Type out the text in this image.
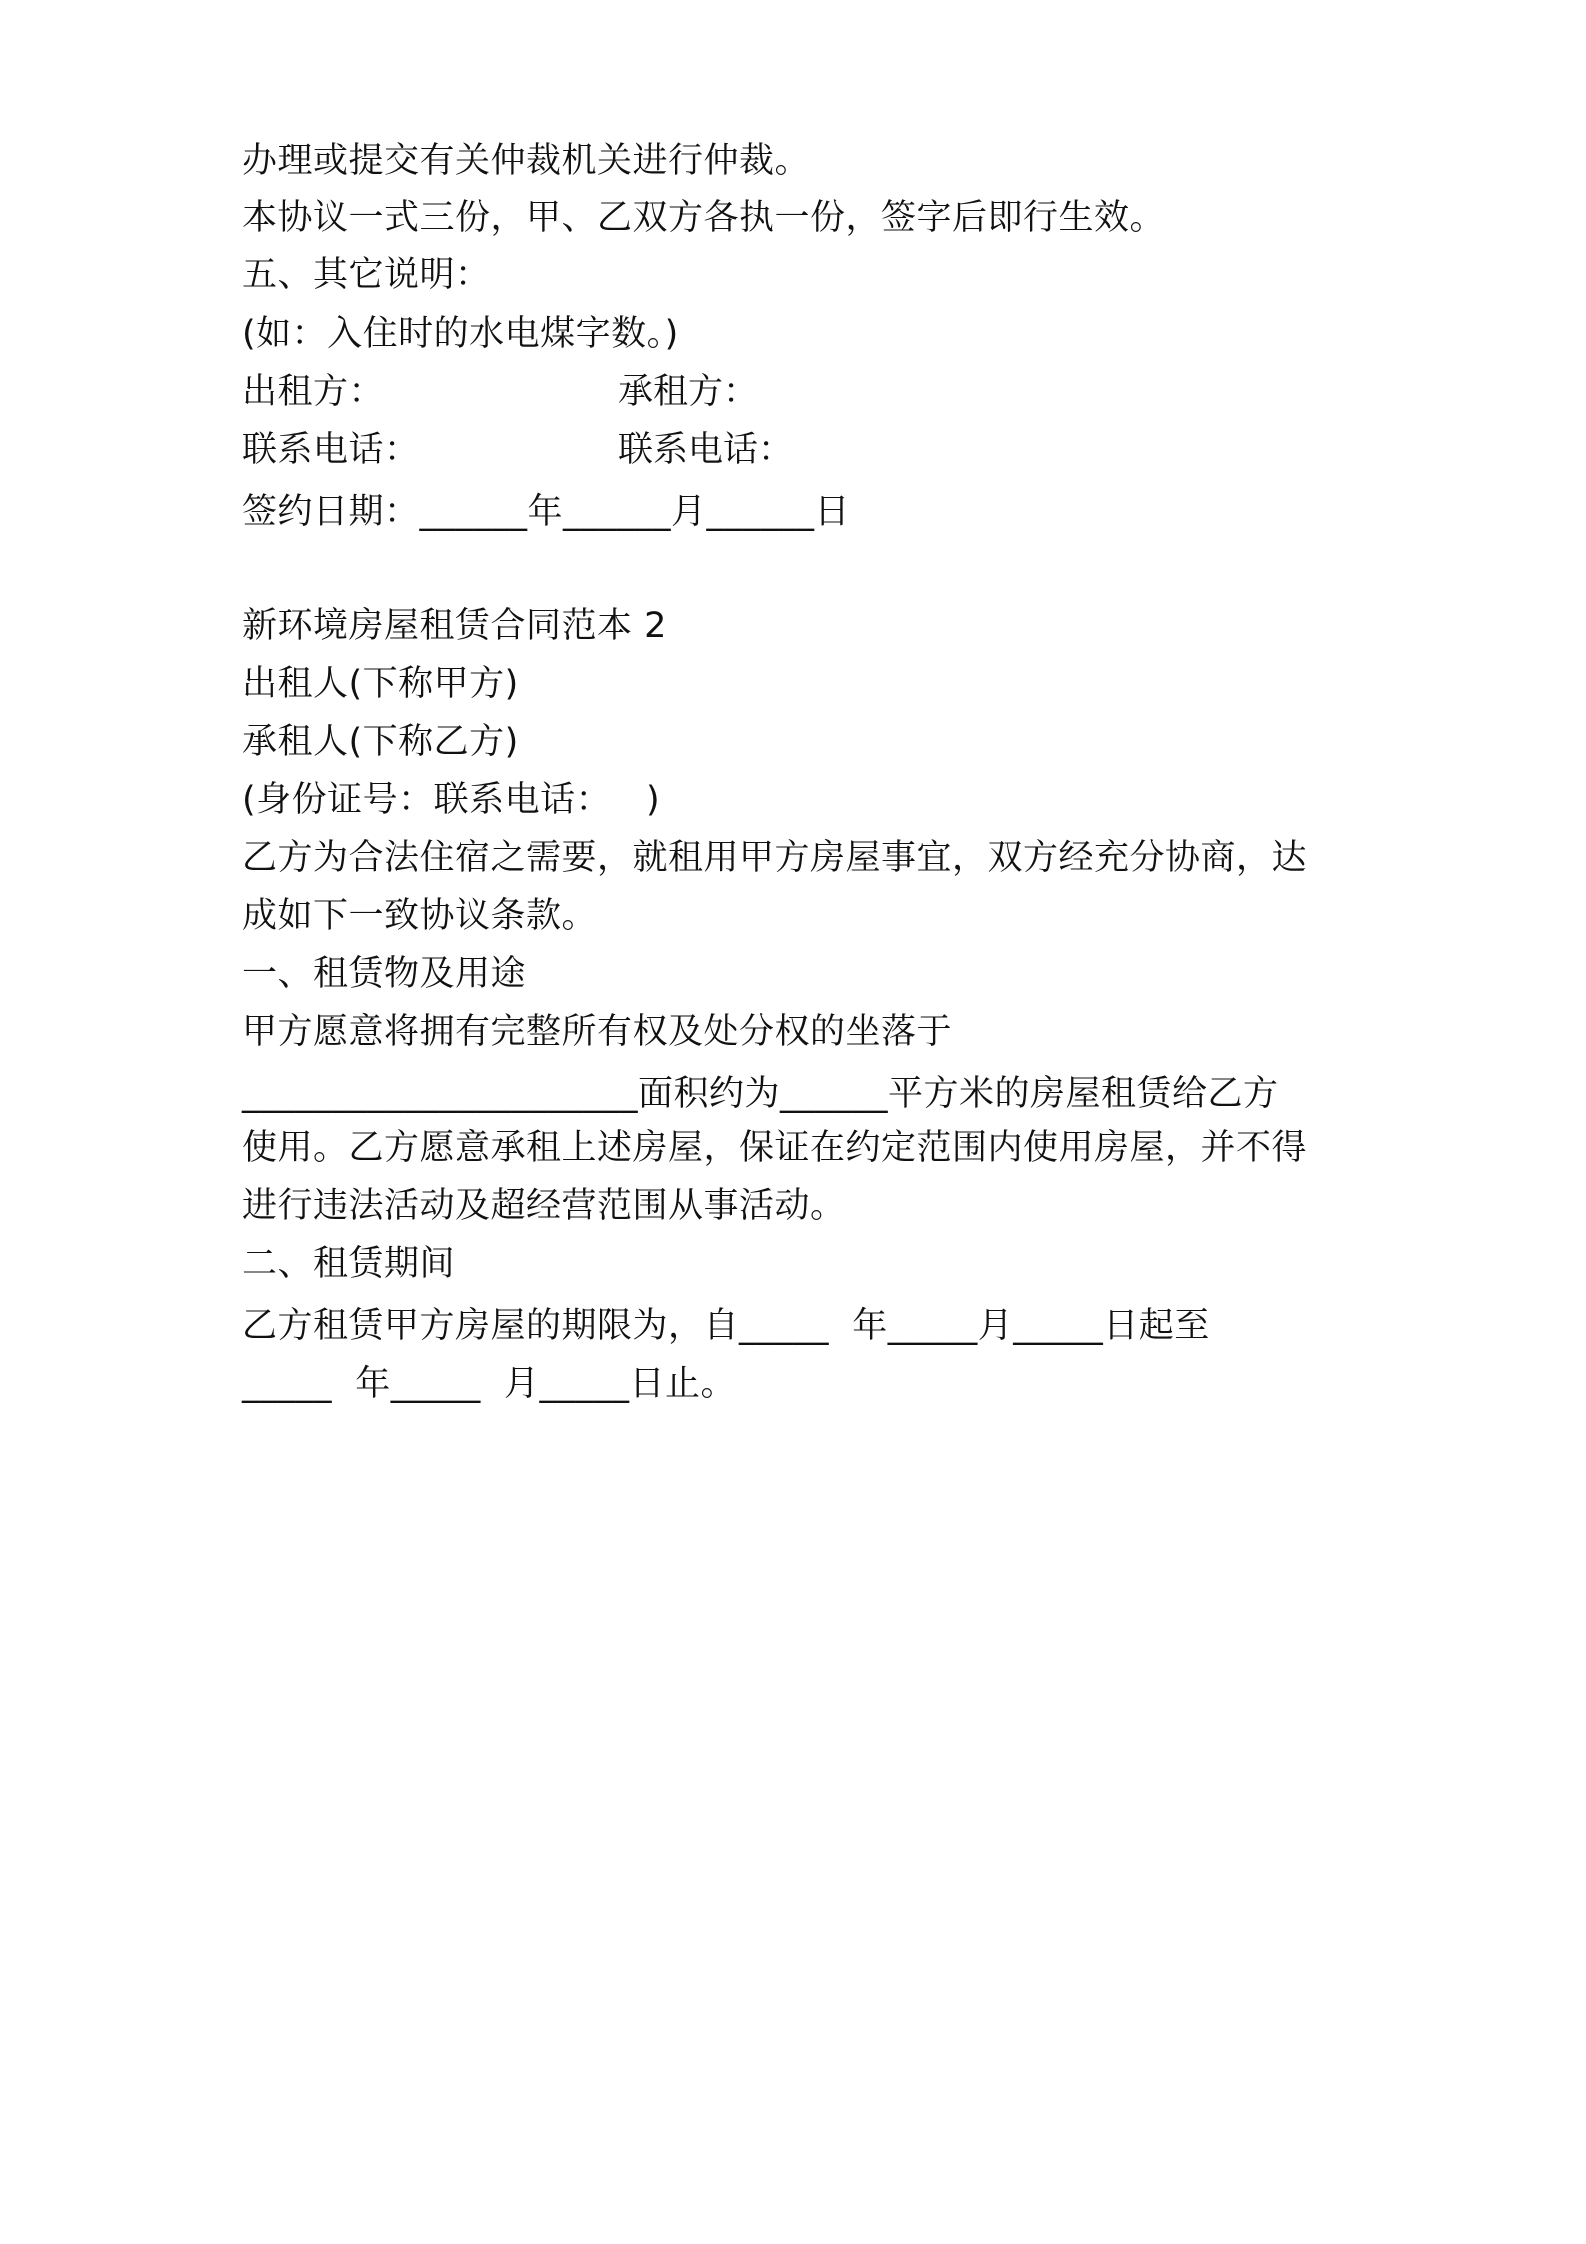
办理或提交有关仲裁机关进行仲裁。
本协议一式三份，甲、乙双方各执一份，签字后即行生效。
五、其它说明：
(如：入住时的水电煤字数。)
出租方：	承租方：
联系电话：	联系电话：
签约日期：______年______月______日
新环境房屋租赁合同范本 2
出租人(下称甲方)
承租人(下称乙方)
(身份证号：联系电话：   )
乙方为合法住宿之需要，就租用甲方房屋事宜，双方经充分协商，达
成如下一致协议条款。
一、租赁物及用途
甲方愿意将拥有完整所有权及处分权的坐落于
______________________面积约为______平方米的房屋租赁给乙方
使用。乙方愿意承租上述房屋，保证在约定范围内使用房屋，并不得
进行违法活动及超经营范围从事活动。
二、租赁期间
乙方租赁甲方房屋的期限为，自_____  年_____月_____日起至
_____  年_____  月_____日止。
